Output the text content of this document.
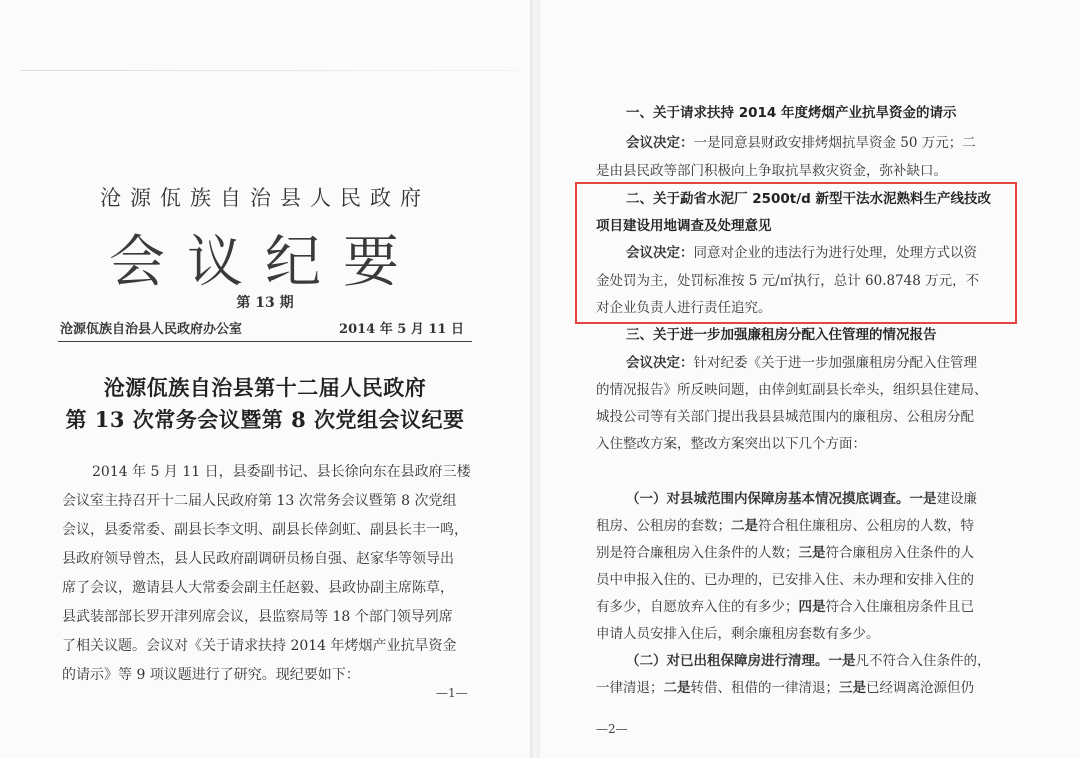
沧源佤族自治县人民政府
会议纪要
第 13 期
沧源佤族自治县人民政府办公室	2014 年 5 月 11 日
沧源佤族自治县第十二届人民政府
第 13 次常务会议暨第 8 次党组会议纪要

2014 年 5 月 11 日，县委副书记、县长徐向东在县政府三楼

会议室主持召开十二届人民政府第 13 次常务会议暨第 8 次党组

会议，县委常委、副县长李文明、副县长倖剑虹、副县长丰一鸣，

县政府领导曾杰，县人民政府副调研员杨自强、赵家华等领导出

席了会议，邀请县人大常委会副主任赵毅、县政协副主席陈草，

县武装部部长罗开津列席会议，县监察局等 18 个部门领导列席

了相关议题。会议对《关于请求扶持 2014 年烤烟产业抗旱资金

的请示》等 9 项议题进行了研究。现纪要如下：

—1—

一、关于请求扶持 2014 年度烤烟产业抗旱资金的请示

会议决定：一是同意县财政安排烤烟抗旱资金 50 万元；二

是由县民政等部门积极向上争取抗旱救灾资金，弥补缺口。

二、关于勐省水泥厂 2500t/d 新型干法水泥熟料生产线技改

项目建设用地调查及处理意见

会议决定：同意对企业的违法行为进行处理，处理方式以资

金处罚为主，处罚标准按 5 元/㎡执行，总计 60.8748 万元，不

对企业负责人进行责任追究。

三、关于进一步加强廉租房分配入住管理的情况报告

会议决定：针对纪委《关于进一步加强廉租房分配入住管理

的情况报告》所反映问题，由倖剑虹副县长牵头，组织县住建局、

城投公司等有关部门提出我县县城范围内的廉租房、公租房分配

入住整改方案，整改方案突出以下几个方面：

（一）对县城范围内保障房基本情况摸底调查。一是建设廉

租房、公租房的套数；二是符合租住廉租房、公租房的人数，特

别是符合廉租房入住条件的人数；三是符合廉租房入住条件的人

员中申报入住的、已办理的，已安排入住、未办理和安排入住的

有多少，自愿放弃入住的有多少；四是符合入住廉租房条件且已

申请人员安排入住后，剩余廉租房套数有多少。

（二）对已出租保障房进行清理。一是凡不符合入住条件的，

一律清退；二是转借、租借的一律清退；三是已经调离沧源但仍

—2—
